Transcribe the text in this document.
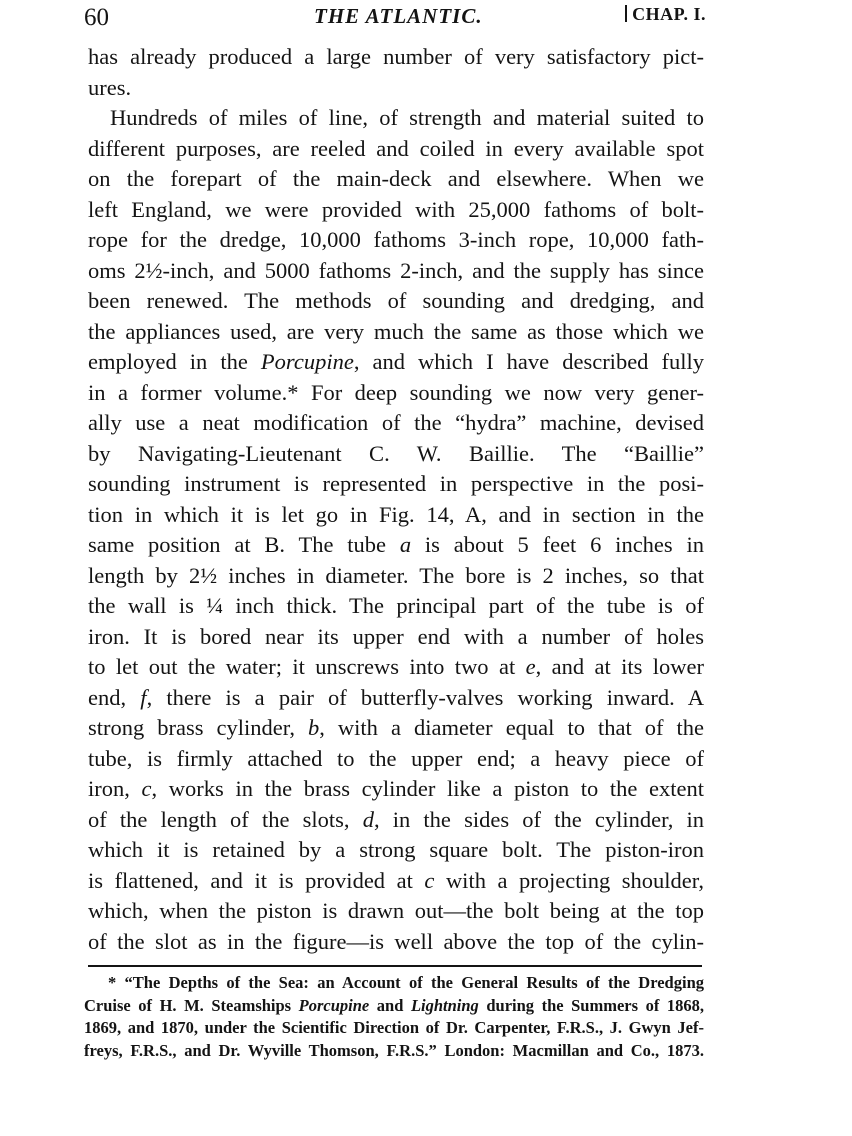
60	THE ATLANTIC.	CHAP. I.
has already produced a large number of very satisfactory pict-
ures.
Hundreds of miles of line, of strength and material suited to
different purposes, are reeled and coiled in every available spot
on the forepart of the main-deck and elsewhere. When we
left England, we were provided with 25,000 fathoms of bolt-
rope for the dredge, 10,000 fathoms 3-inch rope, 10,000 fath-
oms 2½-inch, and 5000 fathoms 2-inch, and the supply has since
been renewed. The methods of sounding and dredging, and
the appliances used, are very much the same as those which we
employed in the Porcupine, and which I have described fully
in a former volume.* For deep sounding we now very gener-
ally use a neat modification of the “hydra” machine, devised
by Navigating-Lieutenant C. W. Baillie. The “Baillie”
sounding instrument is represented in perspective in the posi-
tion in which it is let go in Fig. 14, A, and in section in the
same position at B. The tube a is about 5 feet 6 inches in
length by 2½ inches in diameter. The bore is 2 inches, so that
the wall is ¼ inch thick. The principal part of the tube is of
iron. It is bored near its upper end with a number of holes
to let out the water; it unscrews into two at e, and at its lower
end, f, there is a pair of butterfly-valves working inward. A
strong brass cylinder, b, with a diameter equal to that of the
tube, is firmly attached to the upper end; a heavy piece of
iron, c, works in the brass cylinder like a piston to the extent
of the length of the slots, d, in the sides of the cylinder, in
which it is retained by a strong square bolt. The piston-iron
is flattened, and it is provided at c with a projecting shoulder,
which, when the piston is drawn out—the bolt being at the top
of the slot as in the figure—is well above the top of the cylin-
* “The Depths of the Sea: an Account of the General Results of the Dredging
Cruise of H. M. Steamships Porcupine and Lightning during the Summers of 1868,
1869, and 1870, under the Scientific Direction of Dr. Carpenter, F.R.S., J. Gwyn Jef-
freys, F.R.S., and Dr. Wyville Thomson, F.R.S.” London: Macmillan and Co., 1873.
